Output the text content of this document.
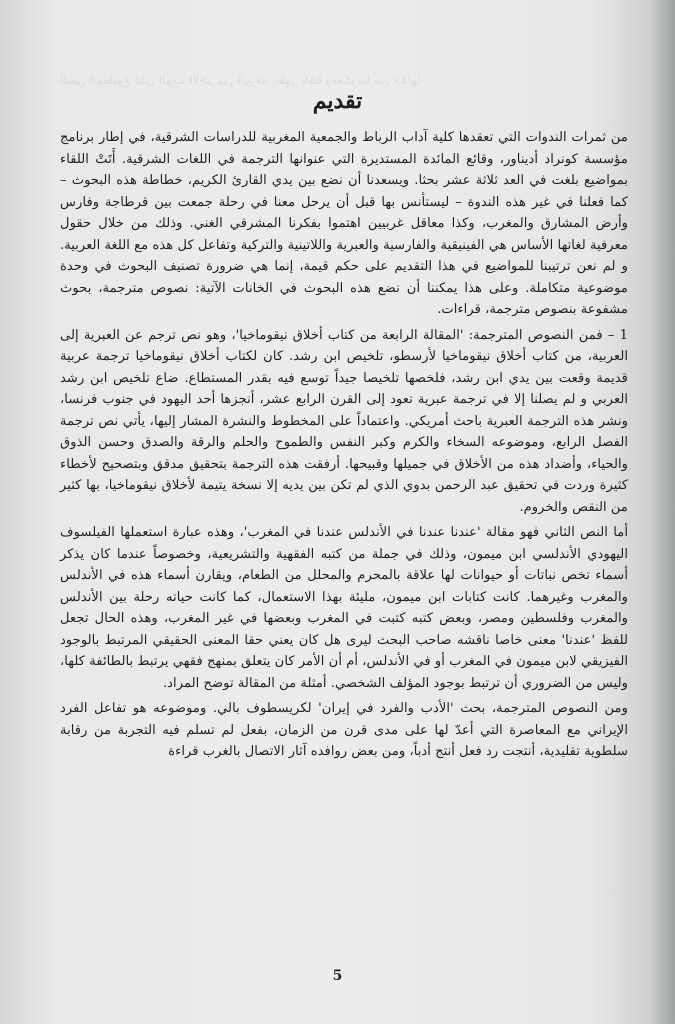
النص المطبوع على الوجه الآخر من الورقة يظهر باهتا ومعكوسا من خلالها
تقديم

من ثمرات الندوات التي تعقدها كلية آداب الرباط والجمعية المغربية للدراسات الشرقية، في إطار برنامج مؤسسة كونراد أديناور، وقائع المائدة المستديرة التي عنوانها الترجمة في اللغات الشرقية. أَتَتْ اللقاء بمواضيع بلغت في العد ثلاثة عشر بحثا. ويسعدنا أن نضع بين يدي القارئ الكريم، خطاطة هذه البحوث – كما فعلنا في غير هذه الندوة – ليستأنس بها قبل أن يرحل معنا في رحلة جمعت بين قرطاجة وفارس وأرض المشارق والمغرب، وكذا معاقل غربيين اهتموا بفكرنا المشرقي الغني. وذلك من خلال حقول معرفية لغاتها الأساس هي الفينيقية والفارسية والعبرية واللاتينية والتركية وتفاعل كل هذه مع اللغة العربية. و لم نعن ترتيبنا للمواضيع في هذا التقديم على حكم قيمة، إنما هي ضرورة تصنيف البحوث في وحدة موضوعية متكاملة. وعلى هذا يمكننا أن نضع هذه البحوث في الخانات الآتية: نصوص مترجمة، بحوث مشفوعة بنصوص مترجمة، قراءات.

1 – فمن النصوص المترجمة: 'المقالة الرابعة من كتاب أخلاق نيقوماخيا'، وهو نص ترجم عن العبرية إلى العربية، من كتاب أخلاق نيقوماخيا لأرسطو، تلخيص ابن رشد. كان لكتاب أخلاق نيقوماخيا ترجمة عربية قديمة وقعت بين يدي ابن رشد، فلخصها تلخيصا جيداً توسع فيه بقدر المستطاع. ضاع تلخيص ابن رشد العربي و لم يصلنا إلا في ترجمة عبرية تعود إلى القرن الرابع عشر، أنجزها أحد اليهود في جنوب فرنسا، ونشر هذه الترجمة العبرية باحث أمريكي. واعتماداً على المخطوط والنشرة المشار إليها، يأتي نص ترجمة الفصل الرابع، وموضوعه السخاء والكرم وكبر النفس والطموح والحلم والرقة والصدق وحسن الذوق والحياء، وأضداد هذه من الأخلاق في جميلها وقبيحها. أرفقت هذه الترجمة بتحقيق مدقق وبتصحيح لأخطاء كثيرة وردت في تحقيق عبد الرحمن بدوي الذي لم تكن بين يديه إلا نسخة يتيمة لأخلاق نيقوماخيا، بها كثير من النقص والخروم.

أما النص الثاني فهو مقالة 'عندنا عندنا في الأندلس عندنا في المغرب'، وهذه عبارة استعملها الفيلسوف اليهودي الأندلسي ابن ميمون، وذلك في جملة من كتبه الفقهية والتشريعية، وخصوصاً عندما كان يذكر أسماء تخص نباتات أو حيوانات لها علاقة بالمحرم والمحلل من الطعام، ويقارن أسماء هذه في الأندلس والمغرب وغيرهما. كانت كتابات ابن ميمون، مليئة بهذا الاستعمال، كما كانت حياته رحلة بين الأندلس والمغرب وفلسطين ومصر، وبعض كتبه كتبت في المغرب وبعضها في غير المغرب، وهذه الحال تجعل للفظ 'عندنا' معنى خاصا ناقشه صاحب البحث ليرى هل كان يعني حقا المعنى الحقيقي المرتبط بالوجود الفيزيقي لابن ميمون في المغرب أو في الأندلس، أم أن الأمر كان يتعلق بمنهج فقهي يرتبط بالطائفة كلها، وليس من الضروري أن ترتبط بوجود المؤلف الشخصي. أمثلة من المقالة توضح المراد.

ومن النصوص المترجمة، بحث 'الأدب والفرد في إيران' لكريسطوف بالي. وموضوعه هو تفاعل الفرد الإيراني مع المعاصرة التي أعدّ لها على مدى قرن من الزمان، بفعل لم تسلم فيه التجربة من رقابة سلطوية تقليدية، أنتجت رد فعل أنتج أدباً، ومن بعض روافده آثار الاتصال بالغرب قراءة

5
